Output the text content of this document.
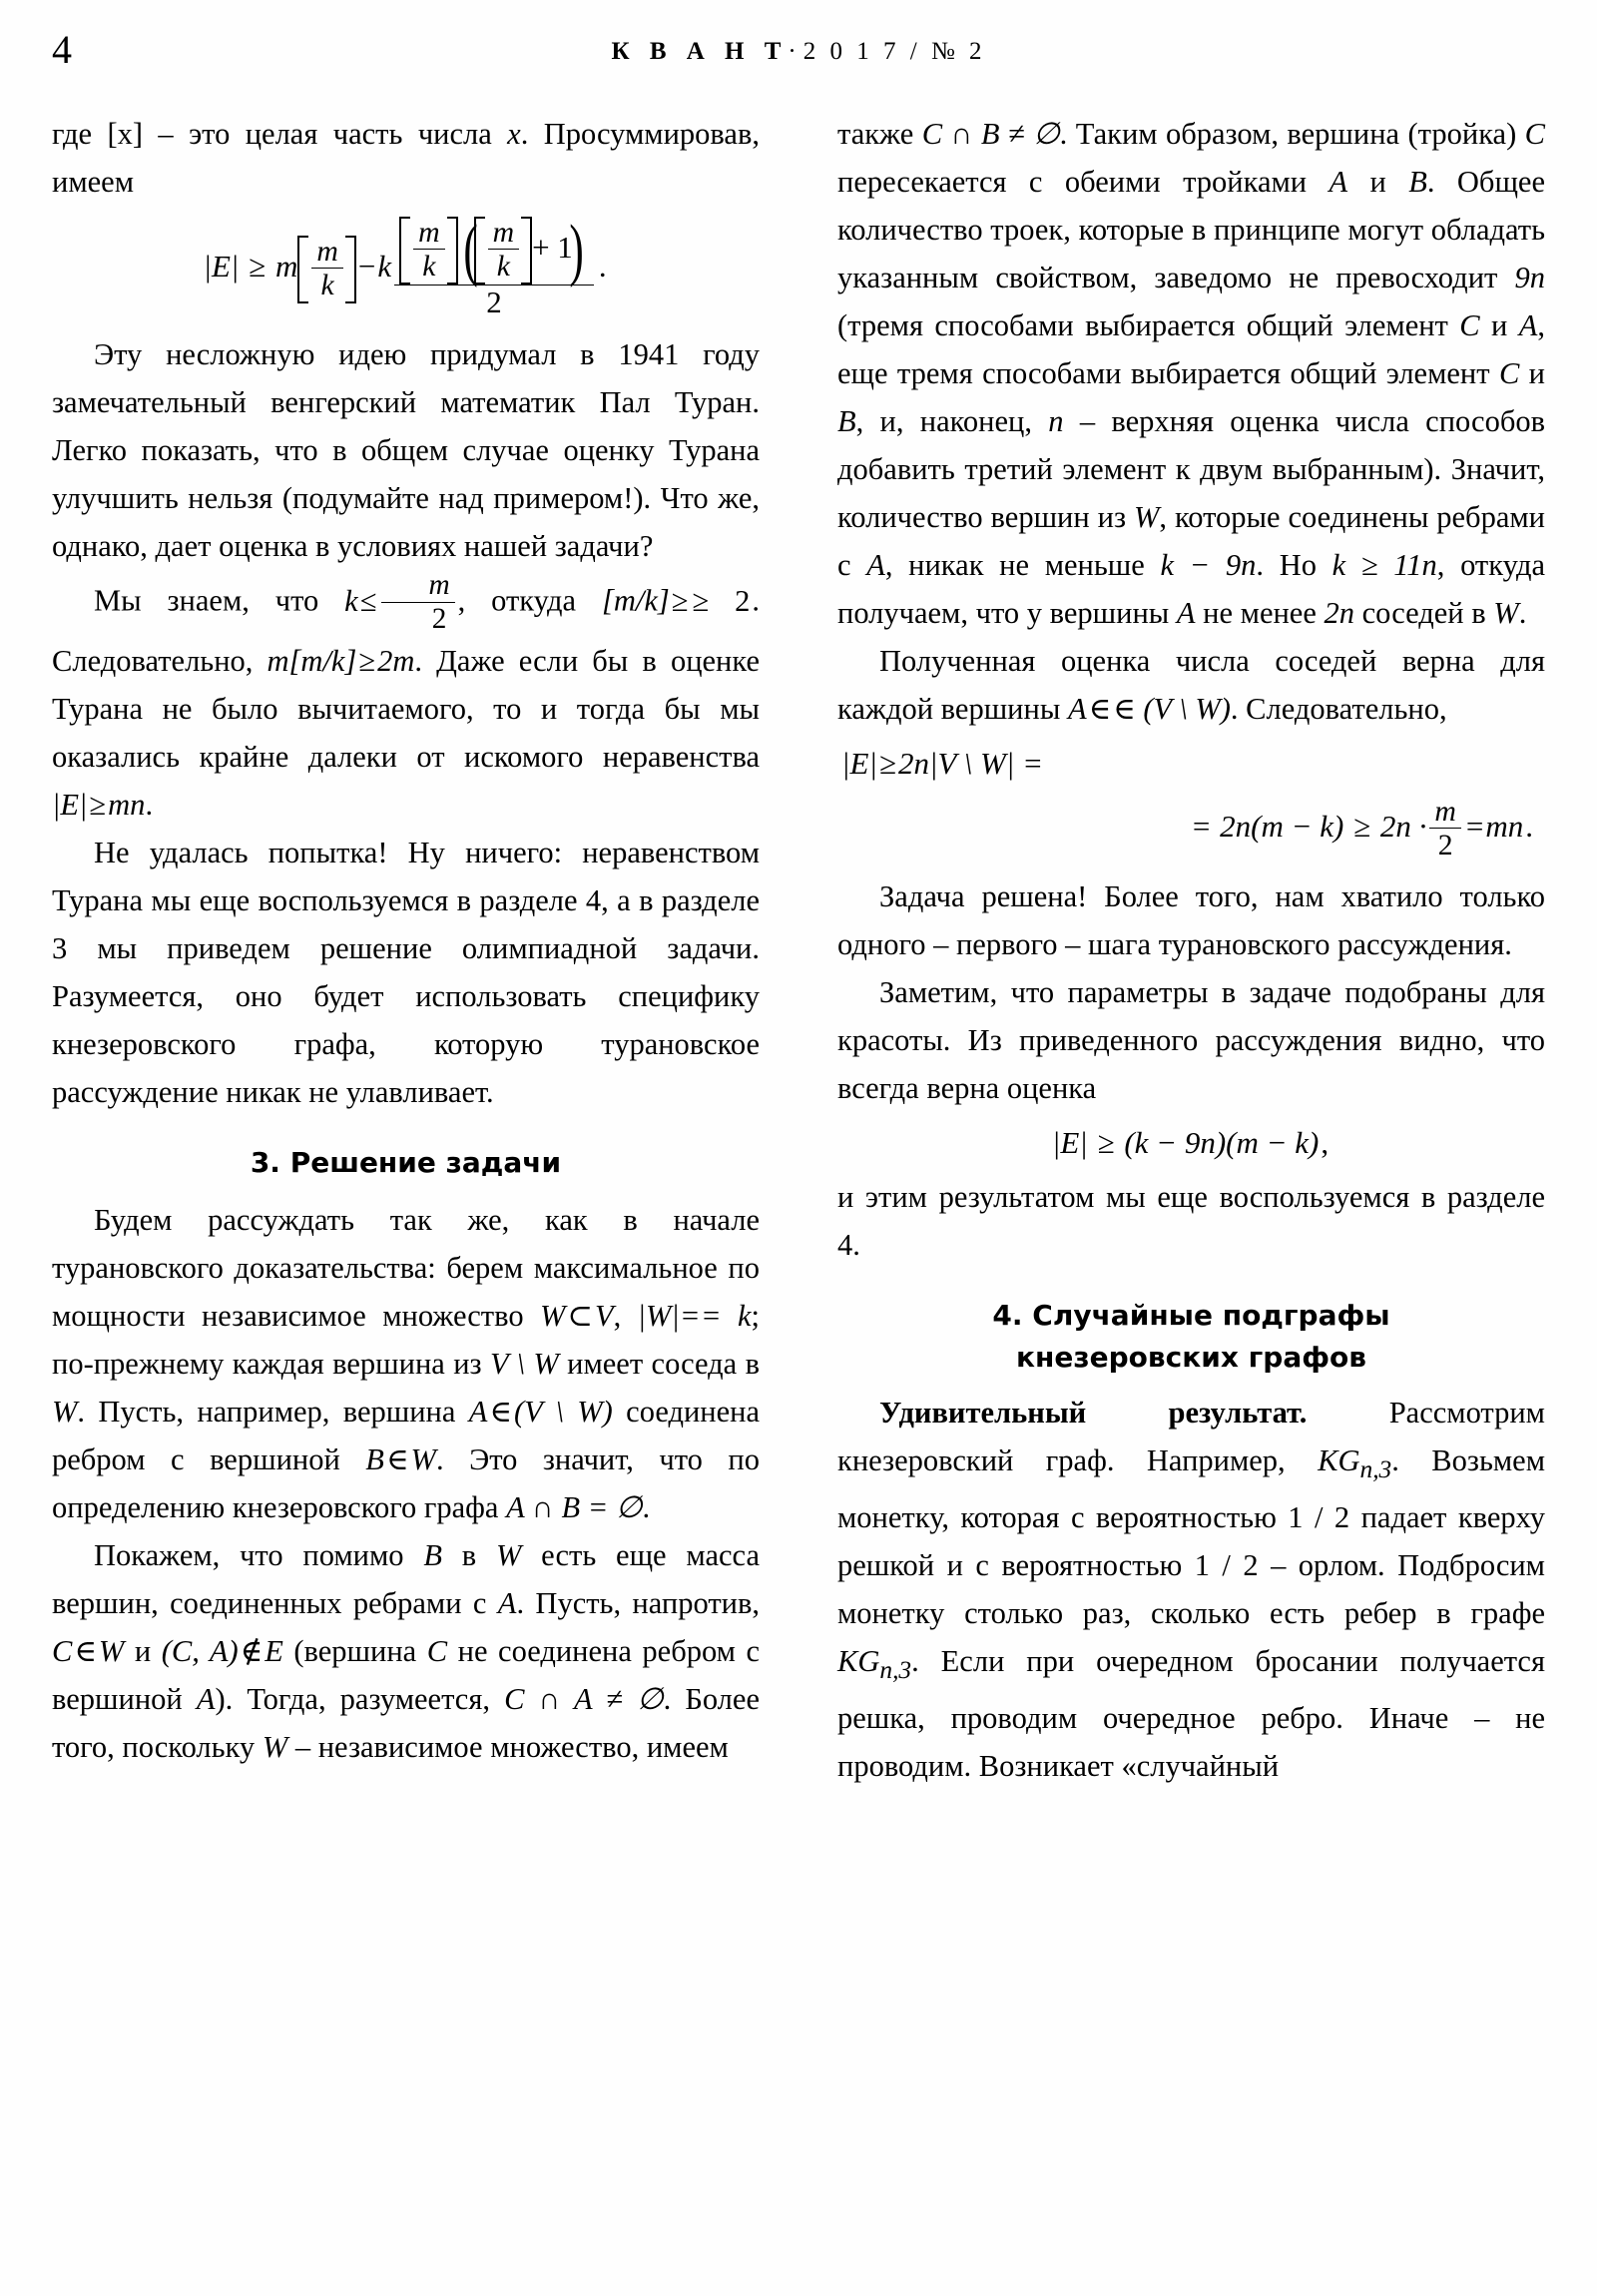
4	К В А Н Т·2 0 1 7 / № 2

где [x] – это целая часть числа x. Просуммировав, имеем

|E| ≥ m $\frac{m}{k} -k \frac{\frac{m}{k} ( \frac{m}{k} + 1 )}{2}$ .

Эту несложную идею придумал в 1941 году замечательный венгерский математик Пал Туран. Легко показать, что в общем случае оценку Турана улучшить нельзя (подумайте над примером!). Что же, однако, дает оценка в условиях нашей задачи?

Мы знаем, что $k\le \frac{m}{2}$ , откуда [m/k]≥ ≥ 2. Следовательно, m[m/k]≥2m. Даже если бы в оценке Турана не было вычитаемого, то и тогда бы мы оказались крайне далеки от искомого неравенства |E|≥mn.

Не удалась попытка! Ну ничего: неравенством Турана мы еще воспользуемся в разделе 4, а в разделе 3 мы приведем решение олимпиадной задачи. Разумеется, оно будет использовать специфику кнезеровского графа, которую турановское рассуждение никак не улавливает.

3. Решение задачи

Будем рассуждать так же, как в начале турановского доказательства: берем максимальное по мощности независимое множество W⊂V, |W|== k; по-прежнему каждая вершина из V \ W имеет соседа в W. Пусть, например, вершина A∈(V \ W) соединена ребром с вершиной B∈W. Это значит, что по определению кнезеровского графа A ∩ B = ∅.

Покажем, что помимо B в W есть еще масса вершин, соединенных ребрами с A. Пусть, напротив, C∈W и (C, A)∉E (вершина C не соединена ребром с вершиной A). Тогда, разумеется, C ∩ A ≠ ∅. Более того, поскольку W – независимое множество, имеем

также C ∩ B ≠ ∅. Таким образом, вершина (тройка) C пересекается с обеими тройками A и B. Общее количество троек, которые в принципе могут обладать указанным свойством, заведомо не превосходит 9n (тремя способами выбирается общий элемент C и A, еще тремя способами выбирается общий элемент C и B, и, наконец, n – верхняя оценка числа способов добавить третий элемент к двум выбранным). Значит, количество вершин из W, которые соединены ребрами с A, никак не меньше k − 9n. Но k ≥ 11n, откуда получаем, что у вершины A не менее 2n соседей в W.

Полученная оценка числа соседей верна для каждой вершины A∈∈ (V \ W). Следовательно,

|E|≥2n|V \ W| =
= $2n(m - k) \ge 2n \cdot \frac{m}{2} =mn$.

Задача решена! Более того, нам хватило только одного – первого – шага турановского рассуждения.

Заметим, что параметры в задаче подобраны для красоты. Из приведенного рассуждения видно, что всегда верна оценка

|E| ≥ (k − 9n)(m − k),

и этим результатом мы еще воспользуемся в разделе 4.

4. Случайные подграфы
кнезеровских графов

Удивительный результат. Рассмотрим кнезеровский граф. Например, $KG_{n,3}$. Возьмем монетку, которая с вероятностью 1 / 2 падает кверху решкой и с вероятностью 1 / 2 – орлом. Подбросим монетку столько раз, сколько есть ребер в графе $KG_{n,3}$. Если при очередном бросании получается решка, проводим очередное ребро. Иначе – не проводим. Возникает «случайный
